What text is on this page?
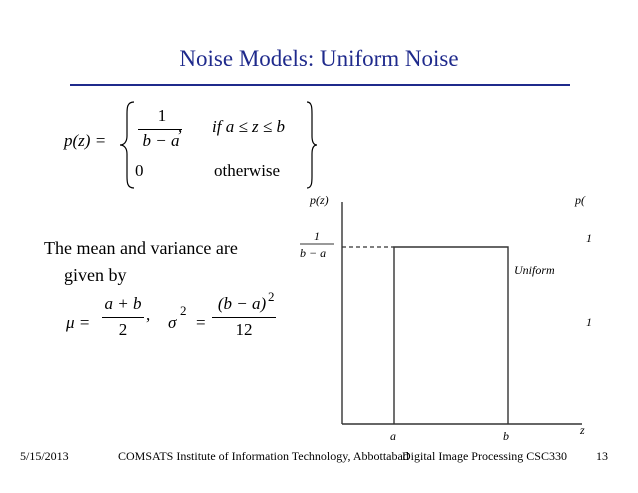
Noise Models: Uniform Noise
p(z) =
1
b − a
, if a ≤ z ≤ b
0	otherwise
The mean and variance are
given by
μ =
a + b
2
, σ
2
=
(b − a) 2
12
p(z)
1
b − a
Uniform
a	b	z
p(
1
1
5/15/2013	COMSATS Institute of Information Technology, Abbottabad
Digital Image Processing CSC330 13
